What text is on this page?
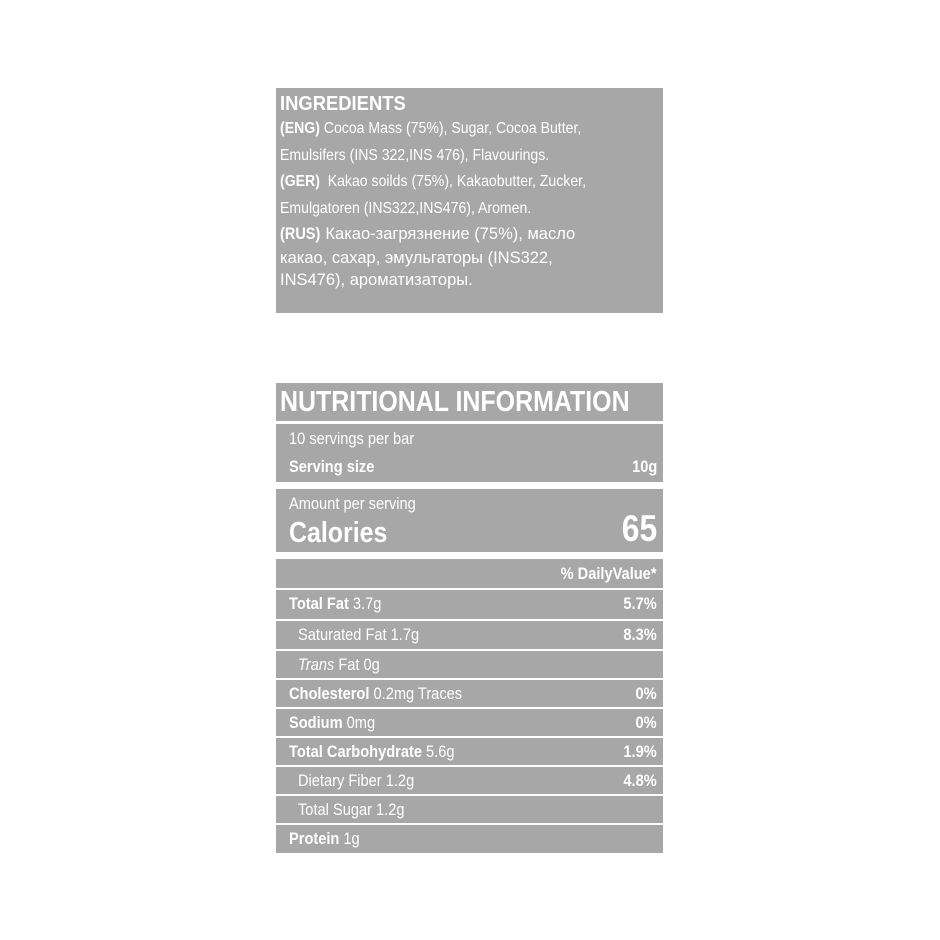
INGREDIENTS
(ENG) Cocoa Mass (75%), Sugar, Cocoa Butter,
Emulsifers (INS 322,INS 476), Flavourings.
(GER)  Kakao soilds (75%), Kakaobutter, Zucker,
Emulgatoren (INS322,INS476), Aromen.
(RUS) Какао-загрязнение (75%), масло
какао, сахар, эмульгаторы (INS322,
INS476), ароматизаторы.
NUTRITIONAL INFORMATION
10 servings per bar
Serving size	10g
Amount per serving
Calories	65
% DailyValue*
Total Fat 3.7g	5.7%
Saturated Fat 1.7g	8.3%
Trans Fat 0g
Cholesterol 0.2mg Traces	0%
Sodium 0mg	0%
Total Carbohydrate 5.6g	1.9%
Dietary Fiber 1.2g	4.8%
Total Sugar 1.2g
Protein 1g
